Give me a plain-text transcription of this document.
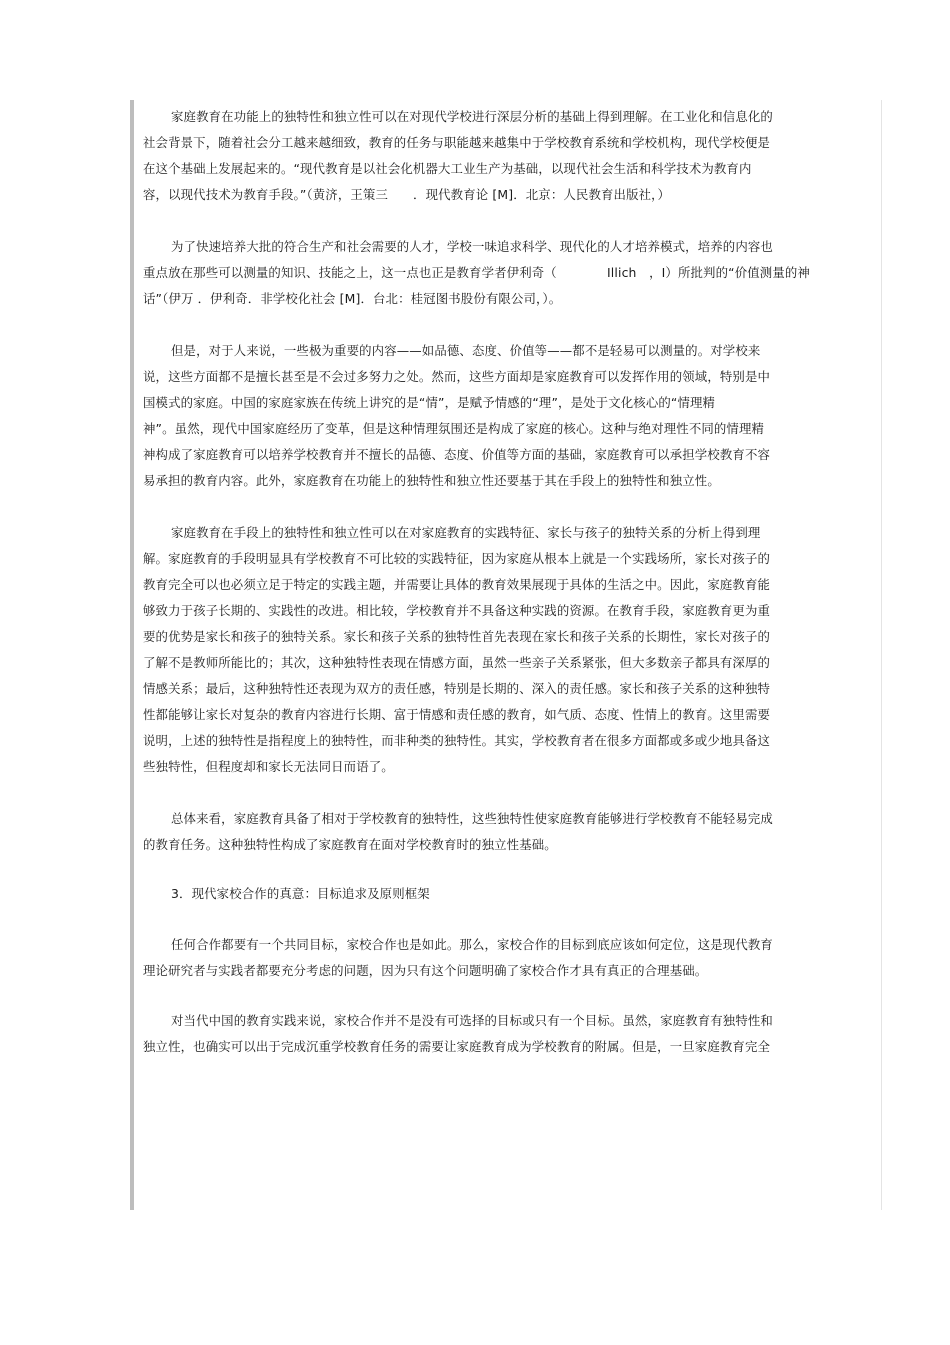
家庭教育在功能上的独特性和独立性可以在对现代学校进行深层分析的基础上得到理解。在工业化和信息化的
社会背景下，随着社会分工越来越细致，教育的任务与职能越来越集中于学校教育系统和学校机构，现代学校便是
在这个基础上发展起来的。“现代教育是以社会化机器大工业生产为基础，以现代社会生活和科学技术为教育内
容，以现代技术为教育手段。”（黄济，王策三　　．现代教育论 [M]．北京：人民教育出版社，）

为了快速培养大批的符合生产和社会需要的人才，学校一味追求科学、现代化的人才培养模式，培养的内容也
重点放在那些可以测量的知识、技能之上，这一点也正是教育学者伊利奇（　　　　Illich　，I）所批判的“价值测量的神
话”（伊万 ．伊利奇．非学校化社会 [M]．台北：桂冠图书股份有限公司，）。

但是，对于人来说，一些极为重要的内容——如品德、态度、价值等——都不是轻易可以测量的。对学校来
说，这些方面都不是擅长甚至是不会过多努力之处。然而，这些方面却是家庭教育可以发挥作用的领域，特别是中
国模式的家庭。中国的家庭家族在传统上讲究的是“情”，是赋予情感的“理”，是处于文化核心的“情理精
神”。虽然，现代中国家庭经历了变革，但是这种情理氛围还是构成了家庭的核心。这种与绝对理性不同的情理精
神构成了家庭教育可以培养学校教育并不擅长的品德、态度、价值等方面的基础，家庭教育可以承担学校教育不容
易承担的教育内容。此外，家庭教育在功能上的独特性和独立性还要基于其在手段上的独特性和独立性。

家庭教育在手段上的独特性和独立性可以在对家庭教育的实践特征、家长与孩子的独特关系的分析上得到理
解。家庭教育的手段明显具有学校教育不可比较的实践特征，因为家庭从根本上就是一个实践场所，家长对孩子的
教育完全可以也必须立足于特定的实践主题，并需要让具体的教育效果展现于具体的生活之中。因此，家庭教育能
够致力于孩子长期的、实践性的改进。相比较，学校教育并不具备这种实践的资源。在教育手段，家庭教育更为重
要的优势是家长和孩子的独特关系。家长和孩子关系的独特性首先表现在家长和孩子关系的长期性，家长对孩子的
了解不是教师所能比的；其次，这种独特性表现在情感方面，虽然一些亲子关系紧张，但大多数亲子都具有深厚的
情感关系；最后，这种独特性还表现为双方的责任感，特别是长期的、深入的责任感。家长和孩子关系的这种独特
性都能够让家长对复杂的教育内容进行长期、富于情感和责任感的教育，如气质、态度、性情上的教育。这里需要
说明，上述的独特性是指程度上的独特性，而非种类的独特性。其实，学校教育者在很多方面都或多或少地具备这
些独特性，但程度却和家长无法同日而语了。

总体来看，家庭教育具备了相对于学校教育的独特性，这些独特性使家庭教育能够进行学校教育不能轻易完成
的教育任务。这种独特性构成了家庭教育在面对学校教育时的独立性基础。

3．现代家校合作的真意：目标追求及原则框架

任何合作都要有一个共同目标，家校合作也是如此。那么，家校合作的目标到底应该如何定位，这是现代教育
理论研究者与实践者都要充分考虑的问题，因为只有这个问题明确了家校合作才具有真正的合理基础。

对当代中国的教育实践来说，家校合作并不是没有可选择的目标或只有一个目标。虽然，家庭教育有独特性和
独立性，也确实可以出于完成沉重学校教育任务的需要让家庭教育成为学校教育的附属。但是，一旦家庭教育完全
